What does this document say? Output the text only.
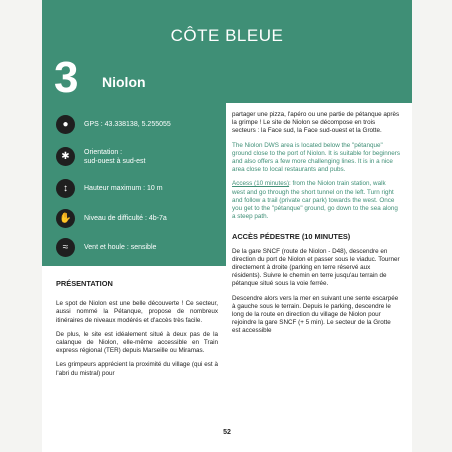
CÔTE BLEUE
3 Niolon
●	GPS : 43.338138, 5.255055
✱	Orientation :
sud-ouest à sud-est
↕	Hauteur maximum : 10 m
✋	Niveau de difficulté : 4b-7a
≈	Vent et houle : sensible

partager une pizza, l'apéro ou une partie de pétanque après la grimpe ! Le site de Niolon se décompose en trois secteurs : la Face sud, la Face sud-ouest et la Grotte.

The Niolon DWS area is located below the "pétanque" ground close to the port of Niolon. It is suitable for beginners and also offers a few more challenging lines. It is in a nice area close to local restaurants and pubs.

Access (10 minutes): from the Niolon train station, walk west and go through the short tunnel on the left. Turn right and follow a trail (private car park) towards the west. Once you get to the "pétanque" ground, go down to the sea along a steep path.

ACCÈS PÉDESTRE (10 MINUTES)

De la gare SNCF (route de Niolon - D48), descendre en direction du port de Niolon et passer sous le viaduc. Tourner directement à droite (parking en terre réservé aux résidents). Suivre le chemin en terre jusqu'au terrain de pétanque situé sous la voie ferrée.

Descendre alors vers la mer en suivant une sente escarpée à gauche sous le terrain. Depuis le parking, descendre le long de la route en direction du village de Niolon pour rejoindre la gare SNCF (+ 5 min). Le secteur de la Grotte est accessible

PRÉSENTATION

Le spot de Niolon est une belle découverte ! Ce secteur, aussi nommé la Pétanque, propose de nombreux itinéraires de niveaux modérés et d'accès très facile.

De plus, le site est idéalement situé à deux pas de la calanque de Niolon, elle-même accessible en Train express régional (TER) depuis Marseille ou Miramas.

Les grimpeurs apprécient la proximité du village (qui est à l'abri du mistral) pour

52
